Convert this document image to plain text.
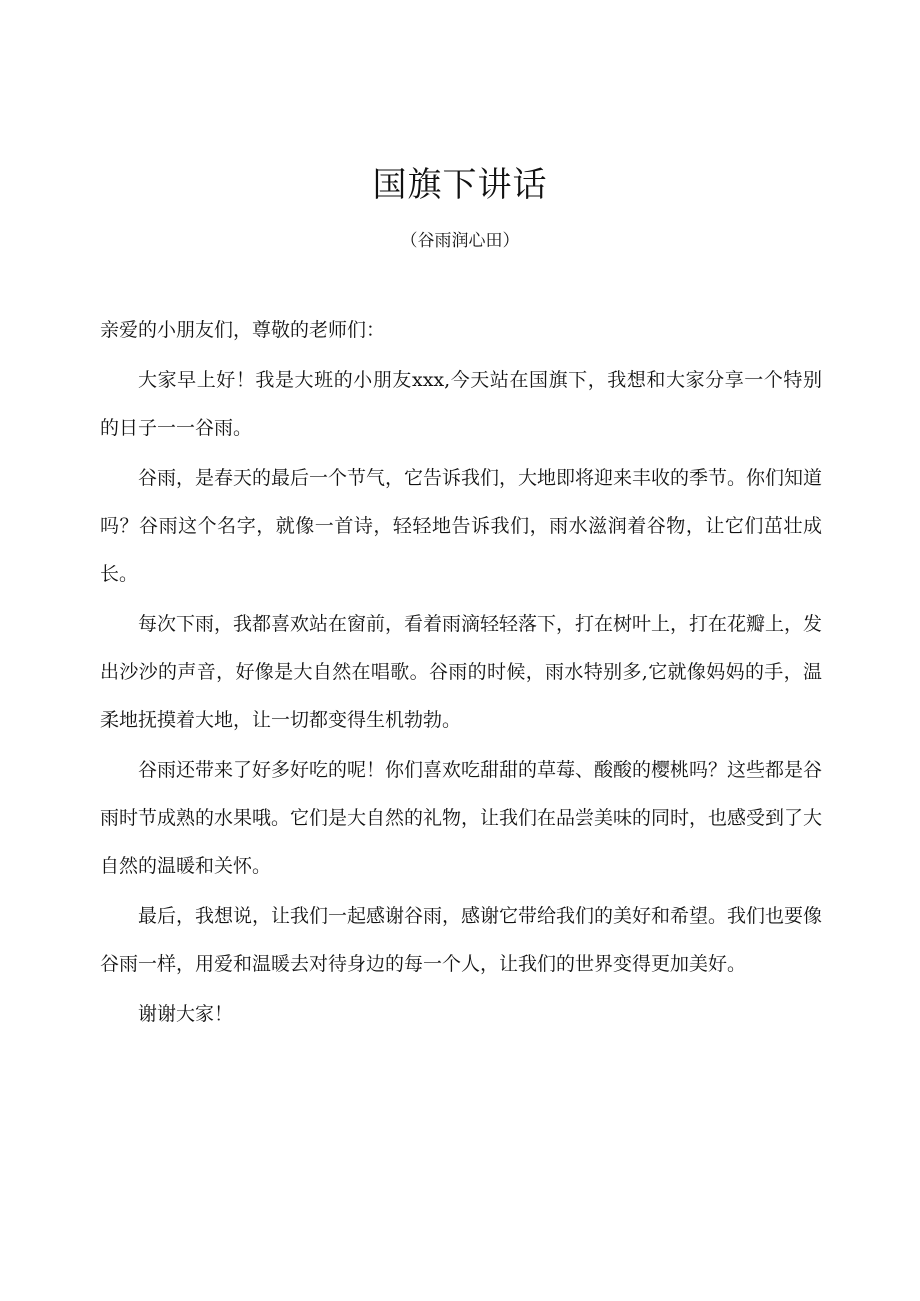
国旗下讲话
（谷雨润心田）

亲爱的小朋友们，尊敬的老师们：

大家早上好！我是大班的小朋友xxx,今天站在国旗下，我想和大家分享一个特别的日子一一谷雨。

谷雨，是春天的最后一个节气，它告诉我们，大地即将迎来丰收的季节。你们知道吗？谷雨这个名字，就像一首诗，轻轻地告诉我们，雨水滋润着谷物，让它们茁壮成长。

每次下雨，我都喜欢站在窗前，看着雨滴轻轻落下，打在树叶上，打在花瓣上，发出沙沙的声音，好像是大自然在唱歌。谷雨的时候，雨水特别多,它就像妈妈的手，温柔地抚摸着大地，让一切都变得生机勃勃。

谷雨还带来了好多好吃的呢！你们喜欢吃甜甜的草莓、酸酸的樱桃吗？这些都是谷雨时节成熟的水果哦。它们是大自然的礼物，让我们在品尝美味的同时，也感受到了大自然的温暖和关怀。

最后，我想说，让我们一起感谢谷雨，感谢它带给我们的美好和希望。我们也要像谷雨一样，用爱和温暖去对待身边的每一个人，让我们的世界变得更加美好。

谢谢大家！
